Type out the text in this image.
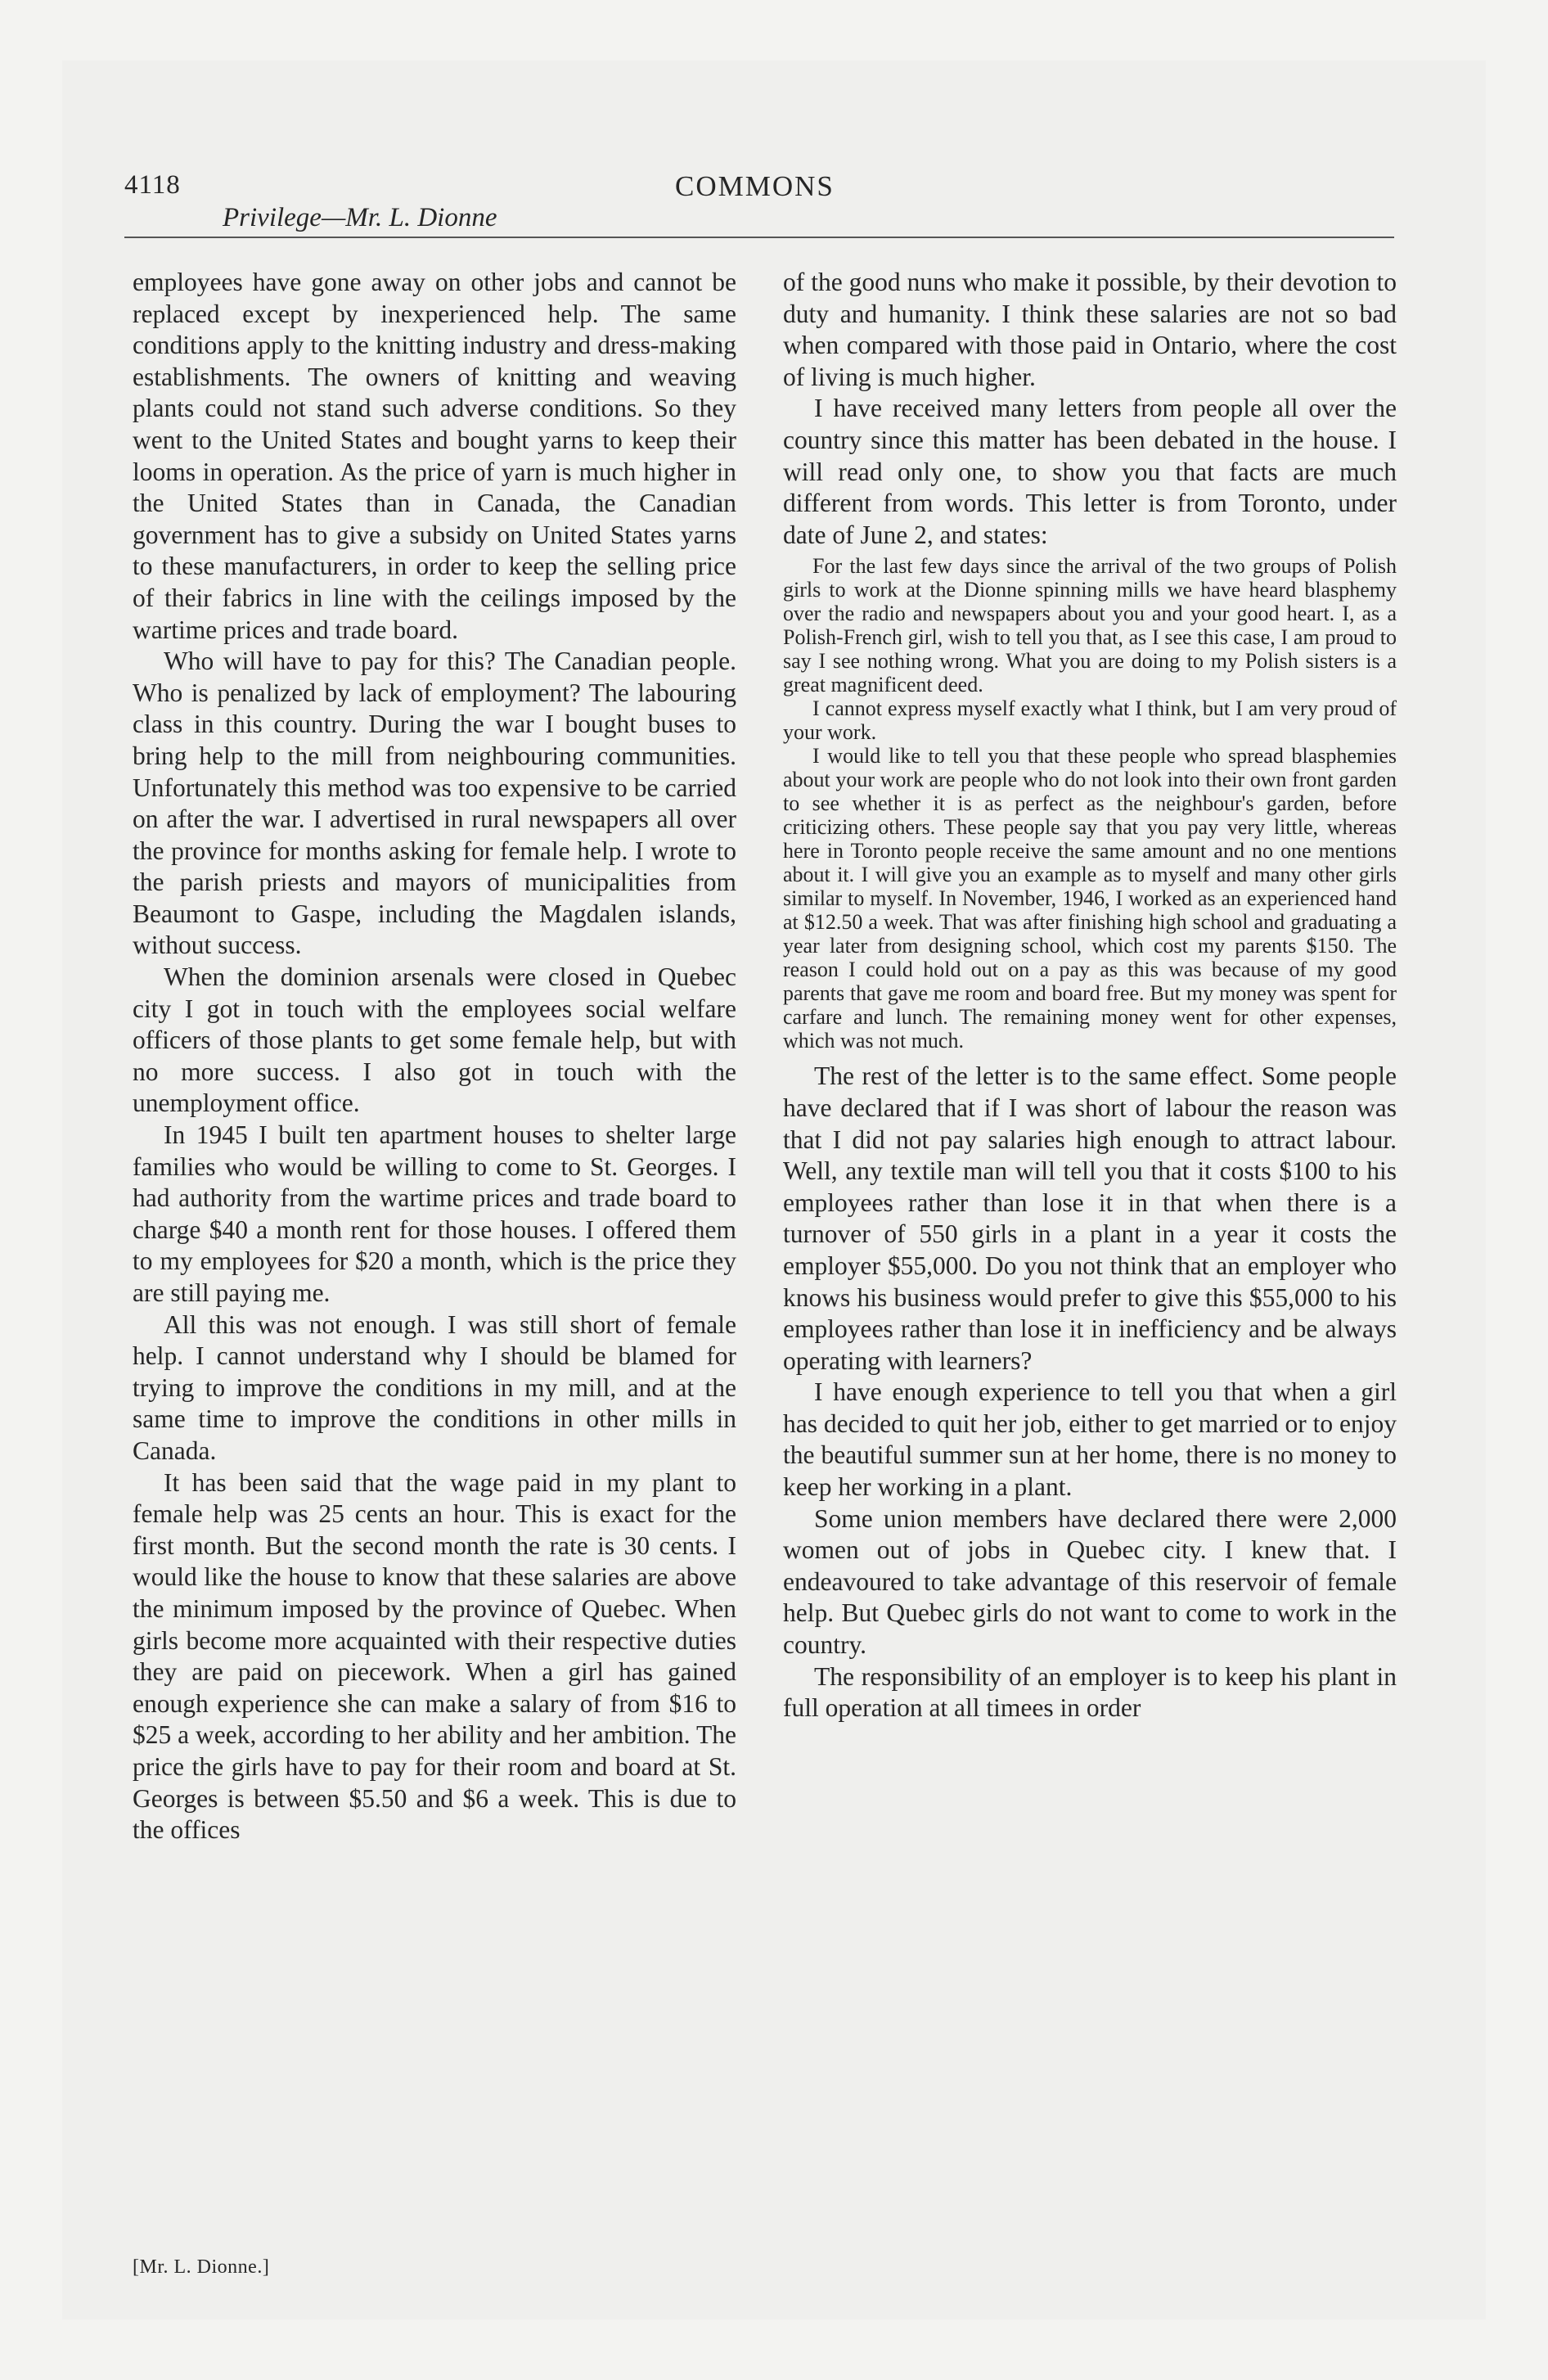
4118
Privilege—Mr. L. Dionne
COMMONS

employees have gone away on other jobs and cannot be replaced except by inexperienced help. The same conditions apply to the knitting industry and dress-making establishments. The owners of knitting and weaving plants could not stand such adverse conditions. So they went to the United States and bought yarns to keep their looms in operation. As the price of yarn is much higher in the United States than in Canada, the Canadian government has to give a subsidy on United States yarns to these manufacturers, in order to keep the selling price of their fabrics in line with the ceilings imposed by the wartime prices and trade board.

Who will have to pay for this? The Canadian people. Who is penalized by lack of employment? The labouring class in this country. During the war I bought buses to bring help to the mill from neighbouring communities. Unfortunately this method was too expensive to be carried on after the war. I advertised in rural newspapers all over the province for months asking for female help. I wrote to the parish priests and mayors of municipalities from Beaumont to Gaspe, including the Magdalen islands, without success.

When the dominion arsenals were closed in Quebec city I got in touch with the employees social welfare officers of those plants to get some female help, but with no more success. I also got in touch with the unemployment office.

In 1945 I built ten apartment houses to shelter large families who would be willing to come to St. Georges. I had authority from the wartime prices and trade board to charge $40 a month rent for those houses. I offered them to my employees for $20 a month, which is the price they are still paying me.

All this was not enough. I was still short of female help. I cannot understand why I should be blamed for trying to improve the conditions in my mill, and at the same time to improve the conditions in other mills in Canada.

It has been said that the wage paid in my plant to female help was 25 cents an hour. This is exact for the first month. But the second month the rate is 30 cents. I would like the house to know that these salaries are above the minimum imposed by the province of Quebec. When girls become more acquainted with their respective duties they are paid on piecework. When a girl has gained enough experience she can make a salary of from $16 to $25 a week, according to her ability and her ambition. The price the girls have to pay for their room and board at St. Georges is between $5.50 and $6 a week. This is due to the offices

of the good nuns who make it possible, by their devotion to duty and humanity. I think these salaries are not so bad when compared with those paid in Ontario, where the cost of living is much higher.

I have received many letters from people all over the country since this matter has been debated in the house. I will read only one, to show you that facts are much different from words. This letter is from Toronto, under date of June 2, and states:

For the last few days since the arrival of the two groups of Polish girls to work at the Dionne spinning mills we have heard blasphemy over the radio and newspapers about you and your good heart. I, as a Polish-French girl, wish to tell you that, as I see this case, I am proud to say I see nothing wrong. What you are doing to my Polish sisters is a great magnificent deed.

I cannot express myself exactly what I think, but I am very proud of your work.

I would like to tell you that these people who spread blasphemies about your work are people who do not look into their own front garden to see whether it is as perfect as the neighbour's garden, before criticizing others. These people say that you pay very little, whereas here in Toronto people receive the same amount and no one mentions about it. I will give you an example as to myself and many other girls similar to myself. In November, 1946, I worked as an experienced hand at $12.50 a week. That was after finishing high school and graduating a year later from designing school, which cost my parents $150. The reason I could hold out on a pay as this was because of my good parents that gave me room and board free. But my money was spent for carfare and lunch. The remaining money went for other expenses, which was not much.

The rest of the letter is to the same effect. Some people have declared that if I was short of labour the reason was that I did not pay salaries high enough to attract labour. Well, any textile man will tell you that it costs $100 to his employees rather than lose it in that when there is a turnover of 550 girls in a plant in a year it costs the employer $55,000. Do you not think that an employer who knows his business would prefer to give this $55,000 to his employees rather than lose it in inefficiency and be always operating with learners?

I have enough experience to tell you that when a girl has decided to quit her job, either to get married or to enjoy the beautiful summer sun at her home, there is no money to keep her working in a plant.

Some union members have declared there were 2,000 women out of jobs in Quebec city. I knew that. I endeavoured to take advantage of this reservoir of female help. But Quebec girls do not want to come to work in the country.

The responsibility of an employer is to keep his plant in full operation at all timees in order

[Mr. L. Dionne.]
